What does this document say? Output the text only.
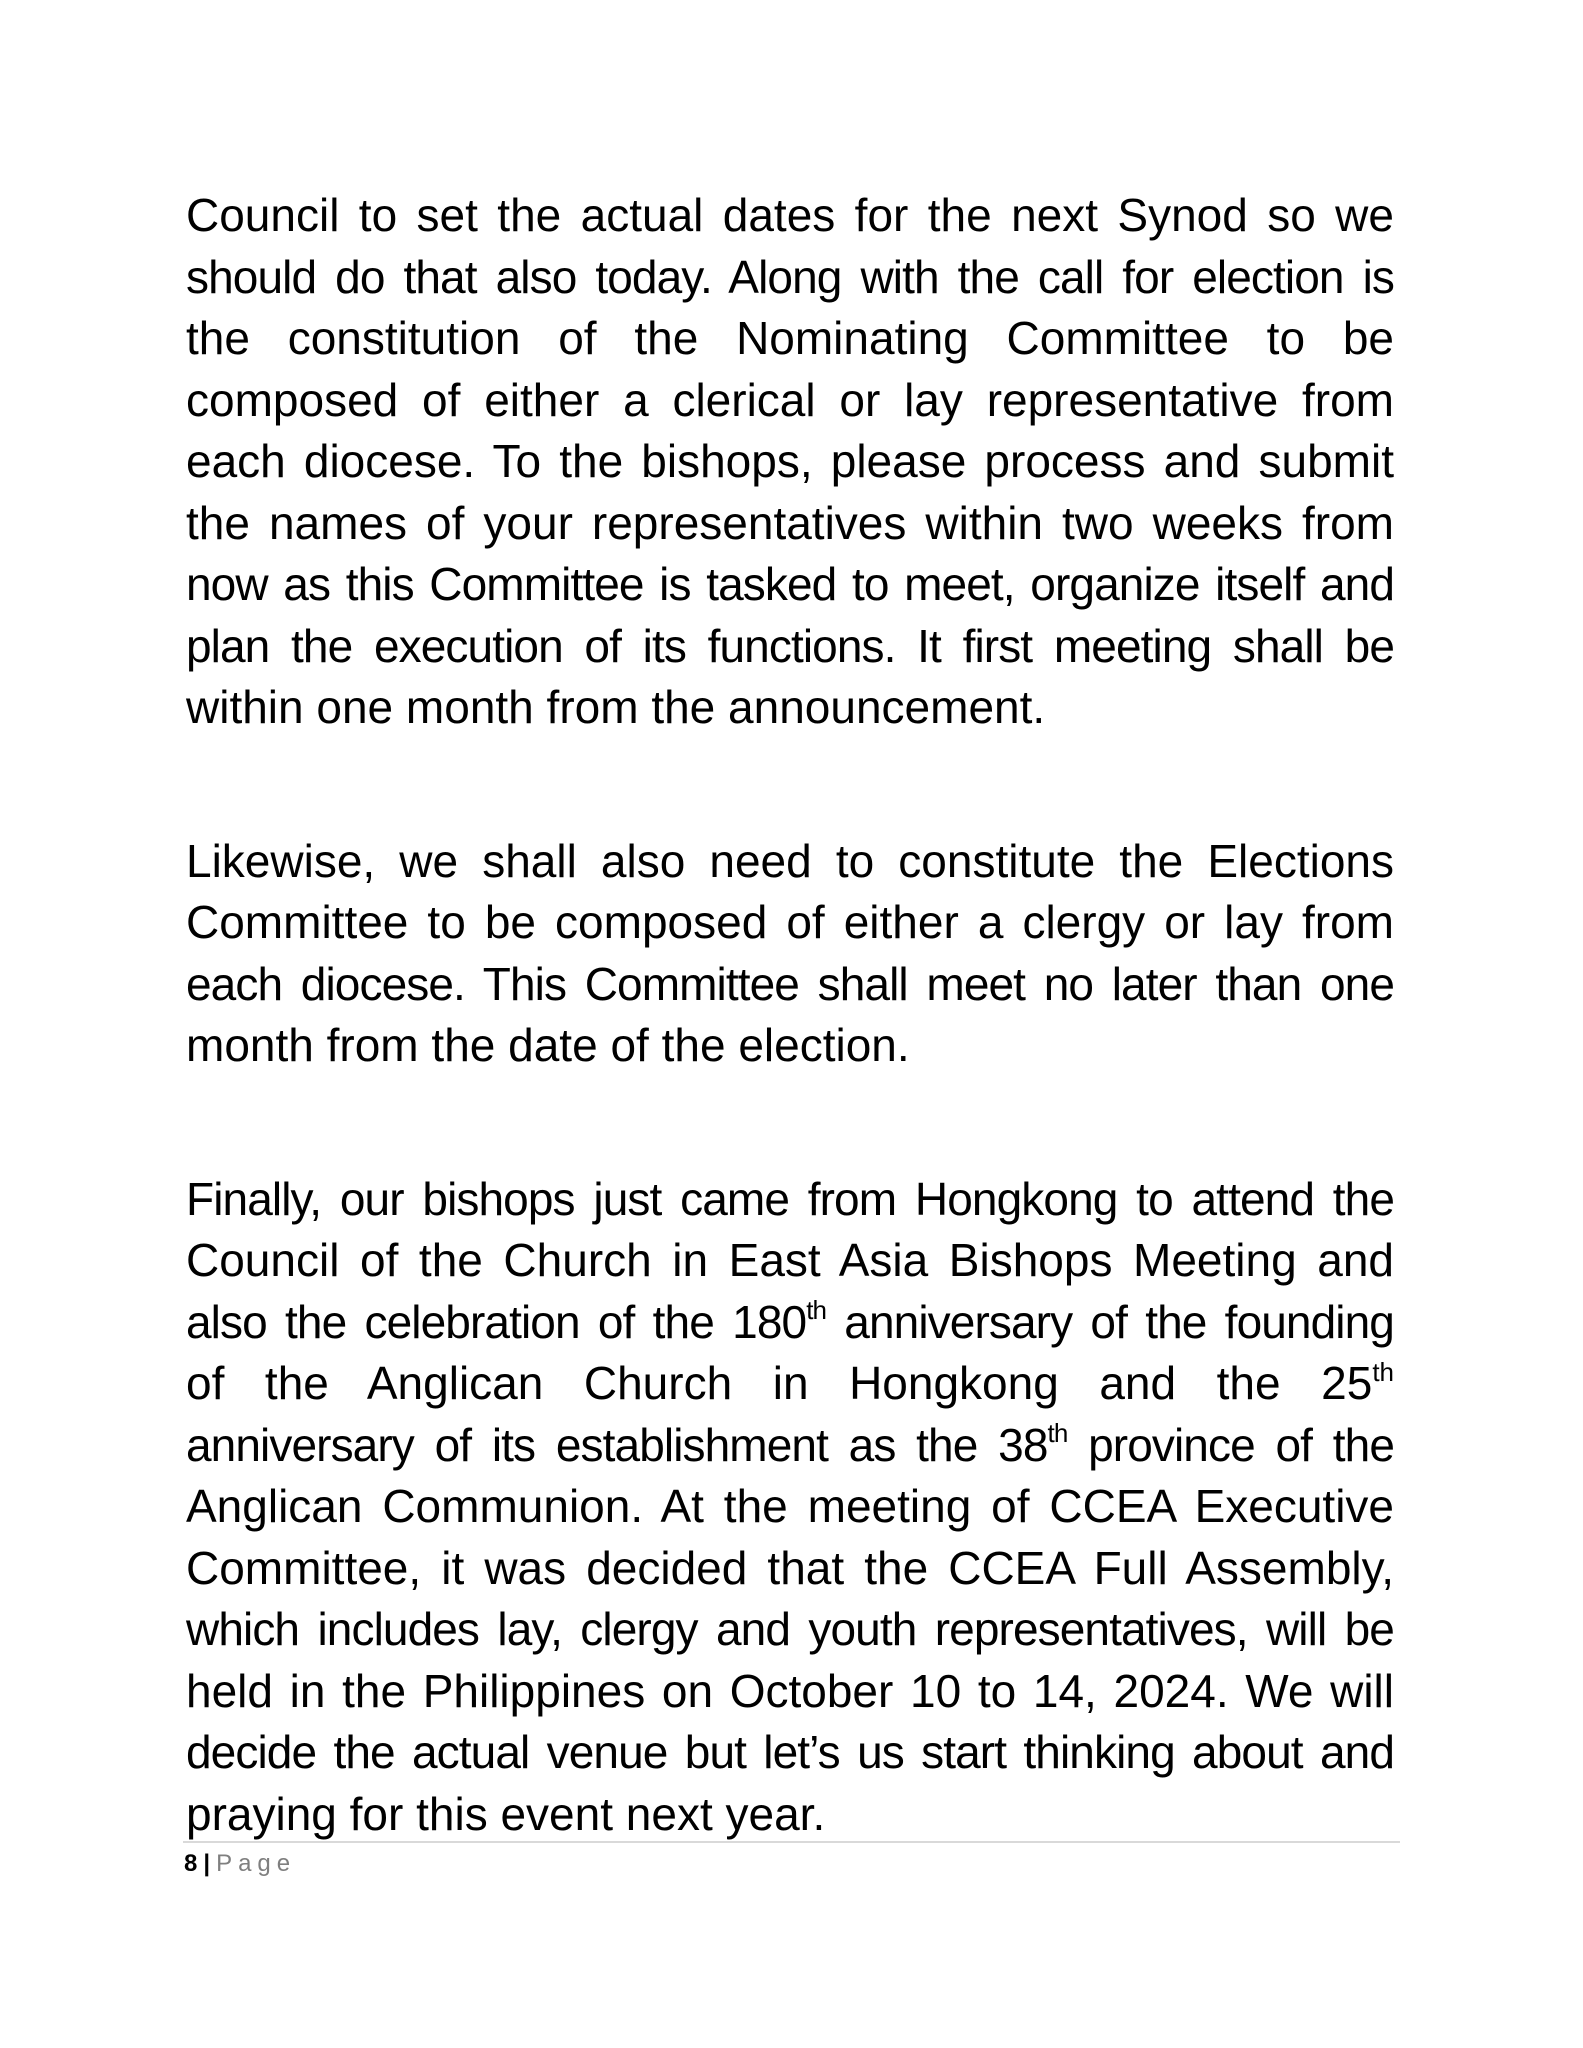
Council to set the actual dates for the next Synod so we
should do that also today. Along with the call for election is
the constitution of the Nominating Committee to be
composed of either a clerical or lay representative from
each diocese. To the bishops, please process and submit
the names of your representatives within two weeks from
now as this Committee is tasked to meet, organize itself and
plan the execution of its functions. It first meeting shall be
within one month from the announcement.

Likewise, we shall also need to constitute the Elections
Committee to be composed of either a clergy or lay from
each diocese. This Committee shall meet no later than one
month from the date of the election.

Finally, our bishops just came from Hongkong to attend the
Council of the Church in East Asia Bishops Meeting and
also the celebration of the 180th anniversary of the founding
of the Anglican Church in Hongkong and the 25th
anniversary of its establishment as the 38th province of the
Anglican Communion. At the meeting of CCEA Executive
Committee, it was decided that the CCEA Full Assembly,
which includes lay, clergy and youth representatives, will be
held in the Philippines on October 10 to 14, 2024. We will
decide the actual venue but let’s us start thinking about and
praying for this event next year.

8 | Page
